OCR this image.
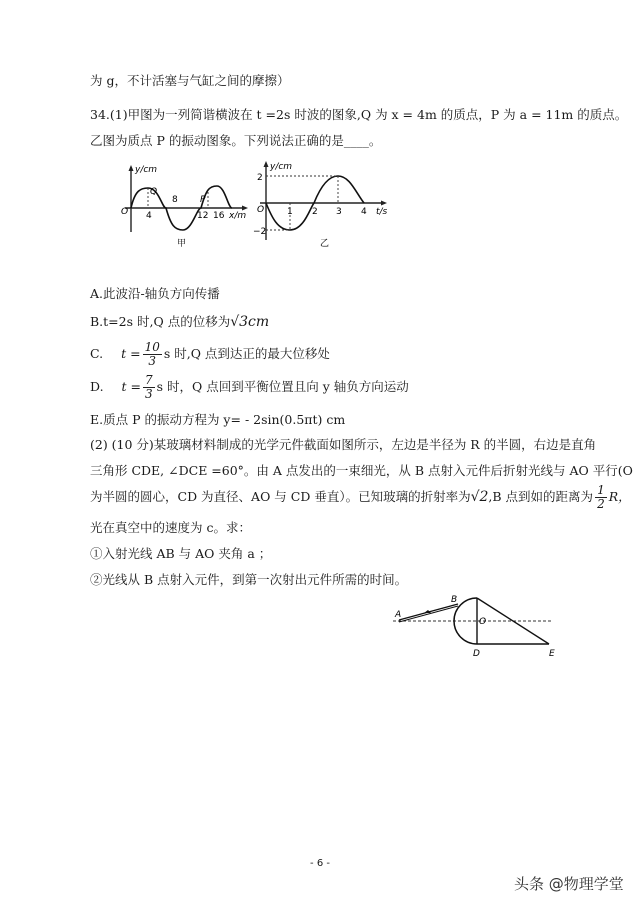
为 g，不计活塞与气缸之间的摩擦）
34.(1)甲图为一列简谐横波在 t =2s 时波的图象,Q 为 x = 4m 的质点，P 为 a = 11m 的质点。
乙图为质点 P 的振动图象。下列说法正确的是____。
y/cm
O
Q
P
4
8
12 16 x/m
甲
y/cm
2
−2
O	1 2 3 4 t/s
乙
A.此波沿-轴负方向传播
B.t=2s 时,Q 点的位移为√3cm
C. $t = \frac{10}{3}$ s 时,Q 点到达正的最大位移处
D. $t = \frac{7}{3}$ s 时，Q 点回到平衡位置且向 y 轴负方向运动
E.质点 P 的振动方程为 y= - 2sin(0.5πt) cm
(2) (10 分)某玻璃材料制成的光学元件截面如图所示，左边是半径为 R 的半圆，右边是直角
三角形 CDE, ∠DCE =60°。由 A 点发出的一束细光，从 B 点射入元件后折射光线与 AO 平行(O
为半圆的圆心，CD 为直径、AO 与 CD 垂直）。已知玻璃的折射率为√2,B 点到如的距离为 $\frac{1}{2}$ R，
光在真空中的速度为 c。求：
①入射光线 AB 与 AO 夹角 a ；
②光线从 B 点射入元件，到第一次射出元件所需的时间。
A
B
O
D	E
- 6 -
头条 @物理学堂
